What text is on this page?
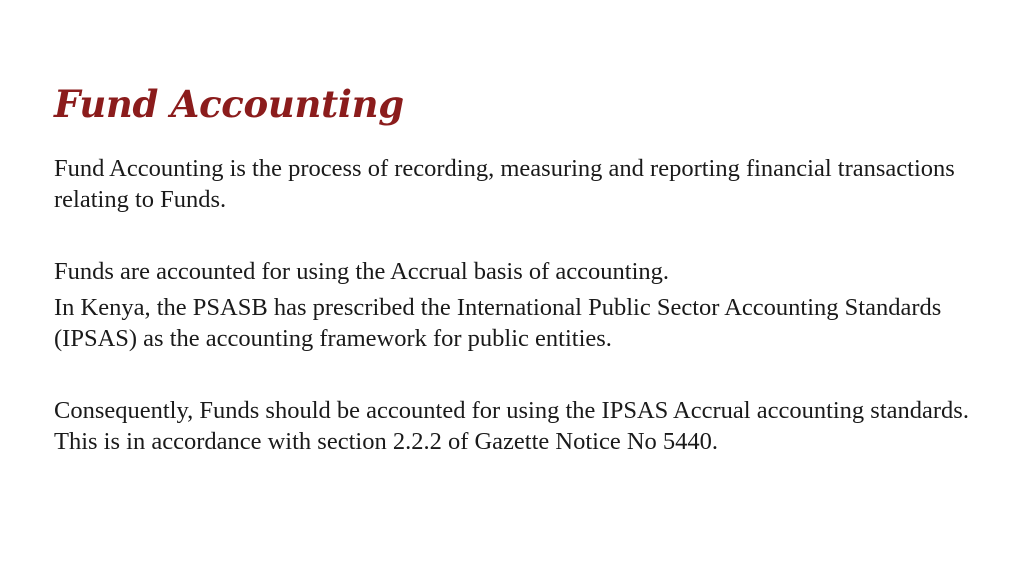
Fund Accounting

Fund Accounting is the process of recording, measuring and reporting financial transactions relating to Funds.

Funds are accounted for using the Accrual basis of accounting.

In Kenya, the PSASB has prescribed the International Public Sector Accounting Standards (IPSAS) as the accounting framework for public entities.

Consequently, Funds should be accounted for using the IPSAS Accrual accounting standards. This is in accordance with section 2.2.2 of Gazette Notice No 5440.
